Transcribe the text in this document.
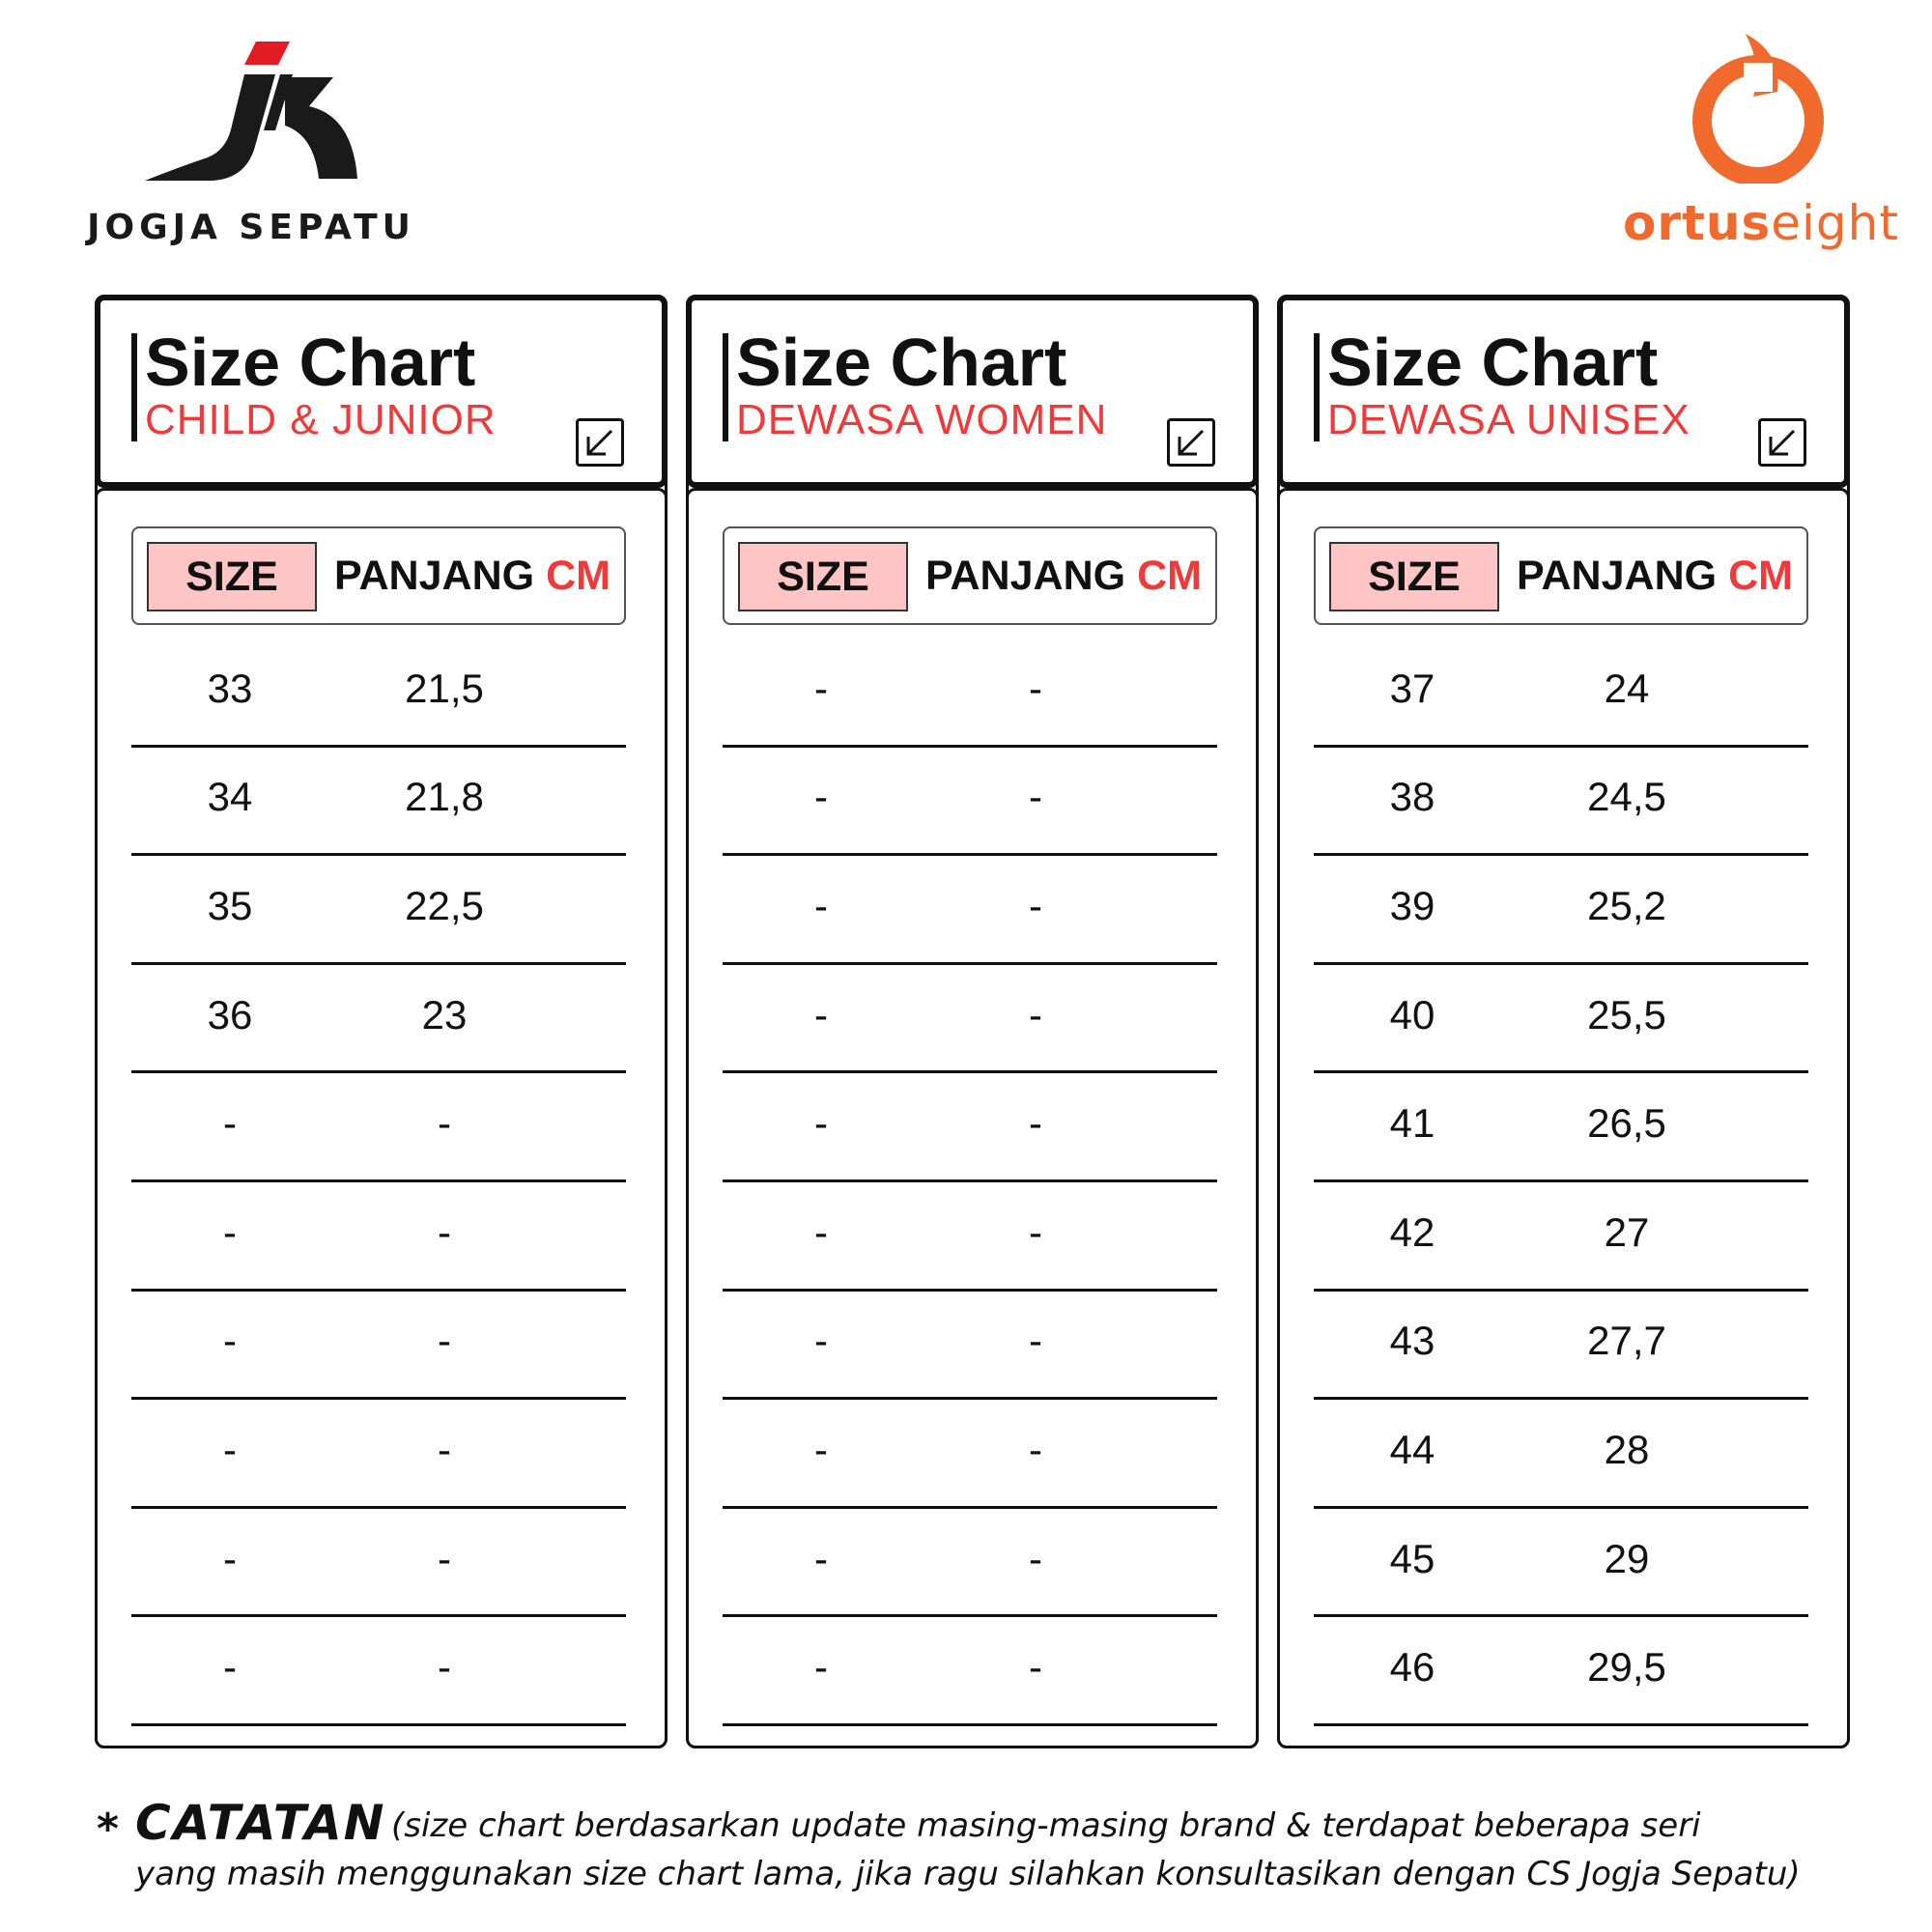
JOGJA SEPATU	ortuseight
Size Chart
CHILD & JUNIOR
SIZE	PANJANG CM
33	21,5
34	21,8
35	22,5
36	23
-	-
-	-
-	-
-	-
-	-
-	-
Size Chart
DEWASA WOMEN
SIZE	PANJANG CM
-	-
-	-
-	-
-	-
-	-
-	-
-	-
-	-
-	-
-	-
Size Chart
DEWASA UNISEX
SIZE	PANJANG CM
37	24
38	24,5
39	25,2
40	25,5
41	26,5
42	27
43	27,7
44	28
45	29
46	29,5
* CATATAN (size chart berdasarkan update masing-masing brand & terdapat beberapa seri
yang masih menggunakan size chart lama, jika ragu silahkan konsultasikan dengan CS Jogja Sepatu)
